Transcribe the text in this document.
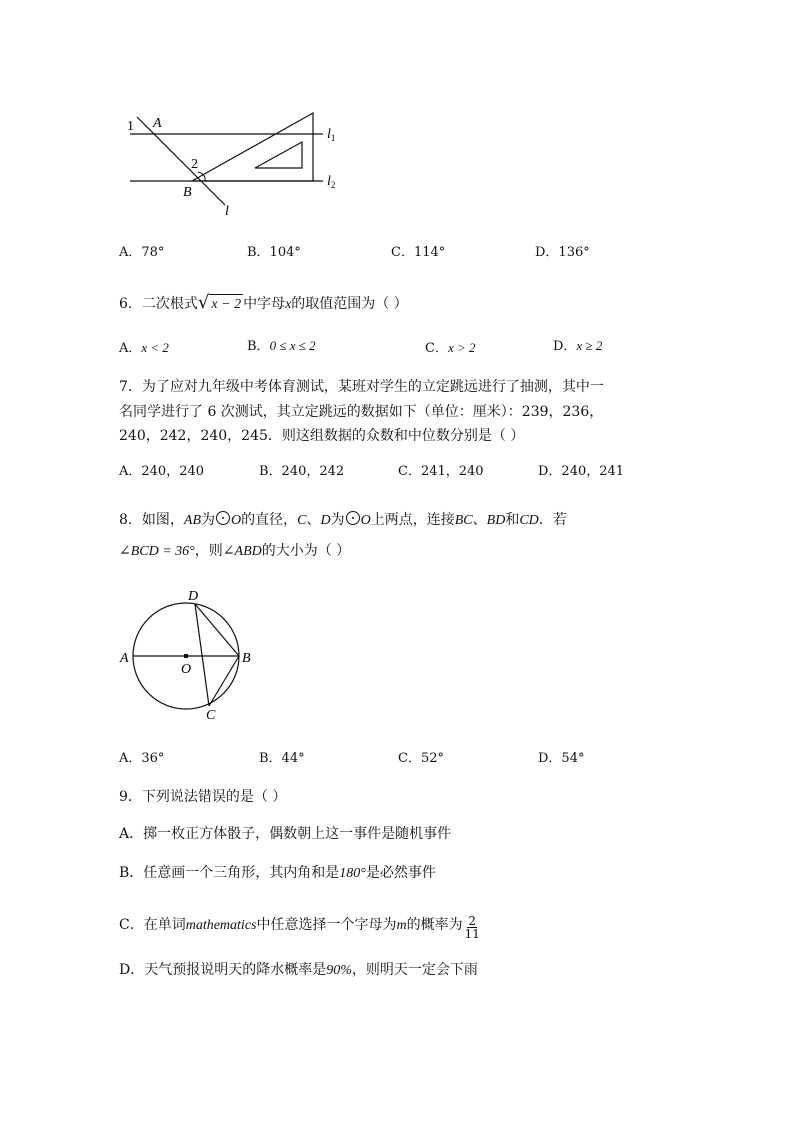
1 A
2
B
l
$l_1$
$l_2$
A．78°	B．104°	C．114°	D．136°
6．二次根式√ x − 2 中字母x的取值范围为（ ）
A．x < 2	B．0 ≤ x ≤ 2	C．x > 2	D．x ≥ 2
7．为了应对九年级中考体育测试，某班对学生的立定跳远进行了抽测，其中一
名同学进行了 6 次测试，其立定跳远的数据如下（单位：厘米）：239，236，
240，242，240，245．则这组数据的众数和中位数分别是（ ）
A．240，240	B．240，242	C．241，240	D．240，241
8．如图，AB为 O的直径，C、D为 O上两点，连接BC、BD和CD．若
∠BCD = 36°，则∠ABD的大小为（ ）
D
A
O
B
C
A．36°	B．44°	C．52°	D．54°
9．下列说法错误的是（ ）
A．掷一枚正方体骰子，偶数朝上这一事件是随机事件
B．任意画一个三角形，其内角和是180°是必然事件
C．在单词mathematics中任意选择一个字母为m的概率为 $\frac{2}{11}$
D．天气预报说明天的降水概率是90%，则明天一定会下雨
